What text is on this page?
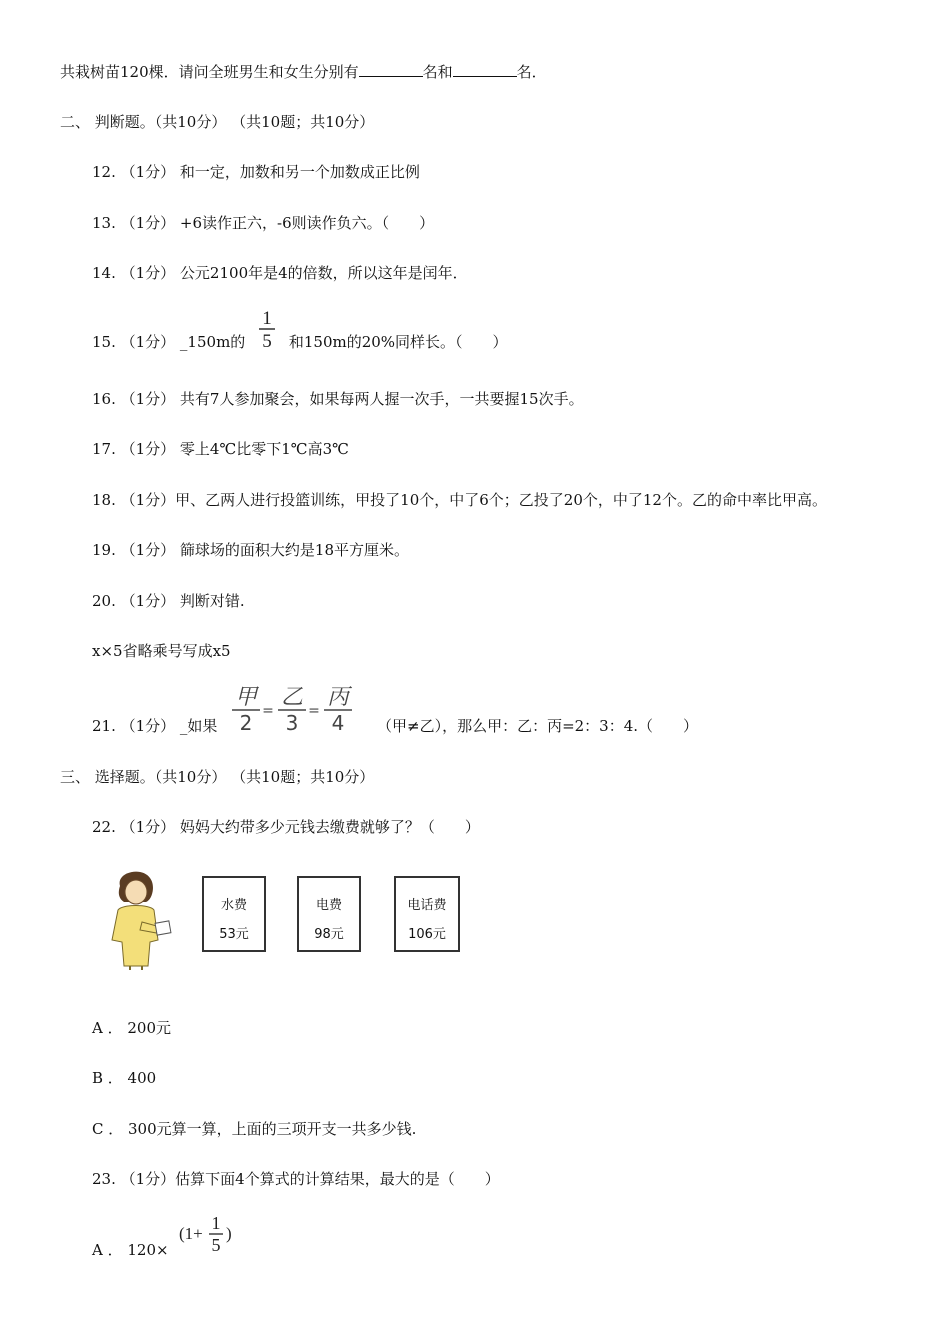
共栽树苗120棵．请问全班男生和女生分别有	名和	名．
二、 判断题。（共10分） （共10题；共10分）
12. （1分） 和一定，加数和另一个加数成正比例
13. （1分） +6读作正六，-6则读作负六。（　　）
14. （1分） 公元2100年是4的倍数，所以这年是闰年．
15. （1分） _150m的
1
5 和150m的20%同样长。（　　）
16. （1分） 共有7人参加聚会，如果每两人握一次手，一共要握15次手。
17. （1分） 零上4℃比零下1℃高3℃
18. （1分）甲、乙两人进行投篮训练，甲投了10个，中了6个；乙投了20个，中了12个。乙的命中率比甲高。
19. （1分） 篩球场的面积大约是18平方厘米。
20. （1分） 判断对错.
x×5省略乘号写成x5
21. （1分） _如果
甲
2 =
乙
3 =
丙
4 （甲≠乙），那么甲：乙：丙=2：3：4.（　　）
三、 选择题。（共10分） （共10题；共10分）
22. （1分） 妈妈大约带多少元钱去缴费就够了？（　　）
水费
53元
电费
98元
电话费
106元
A ． 200元
B ． 400
C ． 300元算一算，上面的三项开支一共多少钱.
23. （1分）估算下面4个算式的计算结果，最大的是（　　）
A ． 120×
(1+
1
5
)
